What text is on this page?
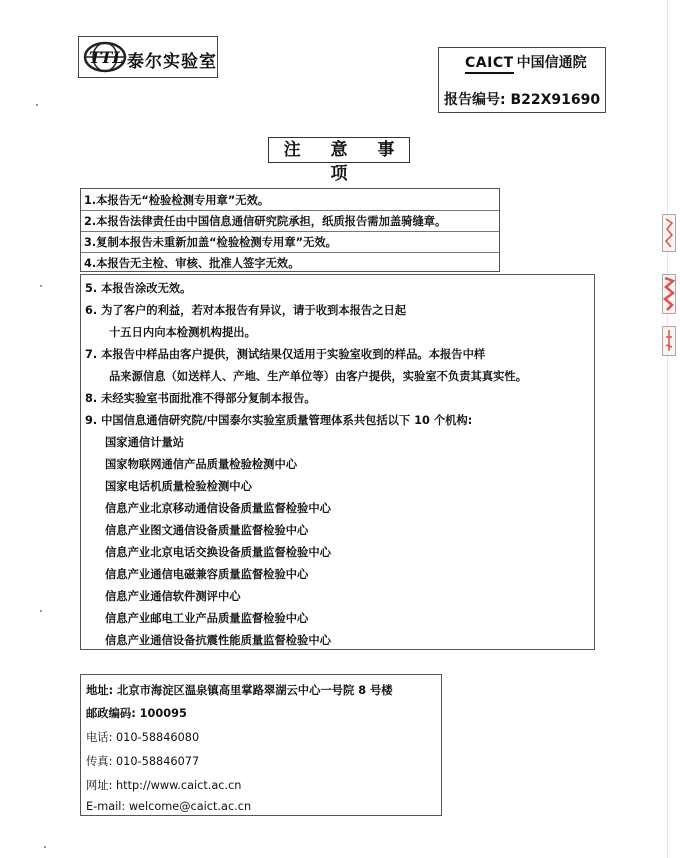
TTL 泰尔实验室	CAICT 中国信通院
报告编号: B22X91690
注 意 事 项
1.本报告无“检验检测专用章”无效。
2.本报告法律责任由中国信息通信研究院承担，纸质报告需加盖骑缝章。
3.复制本报告未重新加盖“检验检测专用章”无效。
4.本报告无主检、审核、批准人签字无效。
5. 本报告涂改无效。
6. 为了客户的利益，若对本报告有异议，请于收到本报告之日起
十五日内向本检测机构提出。
7. 本报告中样品由客户提供，测试结果仅适用于实验室收到的样品。本报告中样
品来源信息（如送样人、产地、生产单位等）由客户提供，实验室不负责其真实性。
8. 未经实验室书面批准不得部分复制本报告。
9. 中国信息通信研究院/中国泰尔实验室质量管理体系共包括以下 10 个机构:
国家通信计量站
国家物联网通信产品质量检验检测中心
国家电话机质量检验检测中心
信息产业北京移动通信设备质量监督检验中心
信息产业图文通信设备质量监督检验中心
信息产业北京电话交换设备质量监督检验中心
信息产业通信电磁兼容质量监督检验中心
信息产业通信软件测评中心
信息产业邮电工业产品质量监督检验中心
信息产业通信设备抗震性能质量监督检验中心
地址: 北京市海淀区温泉镇高里掌路翠湖云中心一号院 8 号楼
邮政编码: 100095
电话: 010-58846080
传真: 010-58846077
网址: http://www.caict.ac.cn
E-mail: welcome@caict.ac.cn
